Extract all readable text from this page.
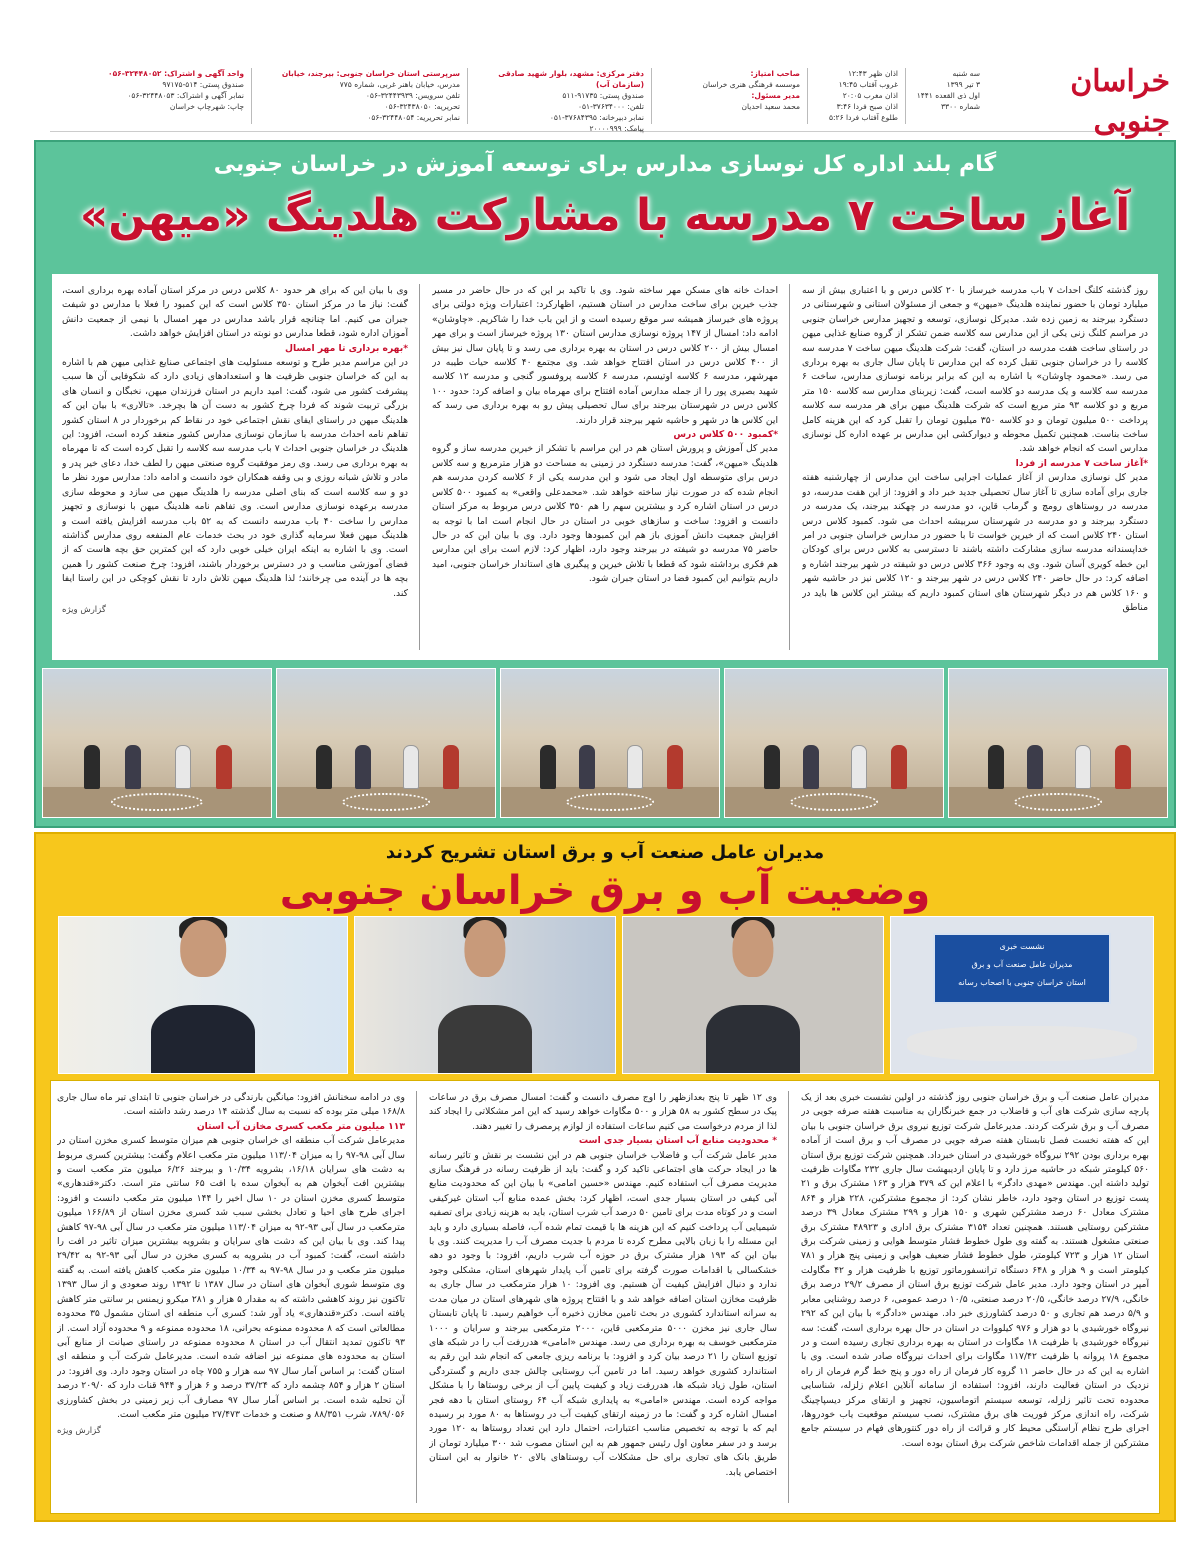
خراسان جنوبی
سه شنبه
۳ تیر ۱۳۹۹
اول ذی القعده ۱۴۴۱
شماره ۳۳۰۰
اذان ظهر ۱۲:۴۳
غروب آفتاب ۱۹:۴۵
اذان مغرب ۲۰:۰۵
اذان صبح فردا ۳:۴۶
طلوع آفتاب فردا ۵:۲۶
صاحب امتیاز:
موسسه فرهنگی هنری خراسان
مدیر مسئول:
محمد سعید احدیان
دفتر مرکزی: مشهد، بلوار شهید صادقی (سازمان آب)
صندوق پستی: ۹۱۷۳۵-۵۱۱
تلفن: ۳۷۶۳۴۰۰۰-۰۵۱
نمابر دبیرخانه: ۳۷۶۸۴۳۹۵-۰۵۱
پیامک: ۲۰۰۰۰۹۹۹
سرپرستی استان خراسان جنوبی: بیرجند، خیابان
مدرس، خیابان باهنر غربی، شماره ۷۷۵
تلفن سرویس: ۳۲۴۴۳۹۳۹-۰۵۶
تحریریه: ۳۲۴۳۸۰۵۰-۰۵۶
نمابر تحریریه: ۳۲۴۴۸۰۵۴-۰۵۶
واحد آگهی و اشتراک: ۳۲۴۴۸۰۵۲-۰۵۶
صندوق پستی: ۵۱۴-۹۷۱۷۵
نمابر آگهی و اشتراک: ۳۲۴۴۸۰۵۳-۰۵۶
چاپ: شهرچاپ خراسان
گام بلند اداره کل نوسازی مدارس برای توسعه آموزش در خراسان جنوبی
آغاز ساخت ۷ مدرسه با مشارکت هلدینگ «میهن»
روز گذشته کلنگ احداث ۷ باب مدرسه خیرساز با ۲۰ کلاس درس و با اعتباری بیش از سه میلیارد تومان با حضور نماینده هلدینگ «میهن» و جمعی از مسئولان استانی و شهرستانی در دستگرد بیرجند به زمین زده شد. مدیرکل نوسازی، توسعه و تجهیز مدارس خراسان جنوبی در مراسم کلنگ زنی یکی از این مدارس سه کلاسه ضمن تشکر از گروه صنایع غذایی میهن در راستای ساخت هفت مدرسه در استان، گفت: شرکت هلدینگ میهن ساخت ۷ مدرسه سه کلاسه را در خراسان جنوبی تقبل کرده که این مدارس تا پایان سال جاری به بهره برداری می رسد. «محمود چاوشان» با اشاره به این که برابر برنامه نوسازی مدارس، ساخت ۶ مدرسه سه کلاسه و یک مدرسه دو کلاسه است، گفت: زیربنای مدارس سه کلاسه ۱۵۰ متر مربع و دو کلاسه ۹۳ متر مربع است که شرکت هلدینگ میهن برای هر مدرسه سه کلاسه پرداخت ۵۰۰ میلیون تومان و دو کلاسه ۳۵۰ میلیون تومان را تقبل کرد که این هزینه کامل ساخت بناست. همچنین تکمیل محوطه و دیوارکشی این مدارس بر عهده اداره کل نوسازی مدارس است که انجام خواهد شد.
*آغاز ساخت ۷ مدرسه از فردا
مدیر کل نوسازی مدارس از آغاز عملیات اجرایی ساخت این مدارس از چهارشنبه هفته جاری برای آماده سازی تا آغاز سال تحصیلی جدید خبر داد و افزود: از این هفت مدرسه، دو مدرسه در روستاهای رومچ و گرماب قاین، دو مدرسه در چهکند بیرجند، یک مدرسه در دستگرد بیرجند و دو مدرسه در شهرستان سربیشه احداث می شود. کمبود کلاس درس استان ۲۴۰ کلاس است که از خیرین خواست تا با حضور در مدارس خراسان جنوبی در امر خداپسندانه مدرسه سازی مشارکت داشته باشند تا دسترسی به کلاس درس برای کودکان این خطه کویری آسان شود. وی به وجود ۳۶۶ کلاس درس دو شیفته در شهر بیرجند اشاره و اضافه کرد: در حال حاضر ۲۴۰ کلاس درس در شهر بیرجند و ۱۲۰ کلاس نیز در حاشیه شهر و ۱۶۰ کلاس هم در دیگر شهرستان های استان کمبود داریم که بیشتر این کلاس ها باید در مناطق
احداث خانه های مسکن مهر ساخته شود. وی با تاکید بر این که در حال حاضر در مسیر جذب خیرین برای ساخت مدارس در استان هستیم، اظهارکرد: اعتبارات ویژه دولتی برای پروژه های خیرساز همیشه سر موقع رسیده است و از این باب خدا را شاکریم. «چاوشان» ادامه داد: امسال از ۱۴۷ پروژه نوسازی مدارس استان ۱۳۰ پروژه خیرساز است و برای مهر امسال بیش از ۲۰۰ کلاس درس در استان به بهره برداری می رسد و تا پایان سال نیز بیش از ۴۰۰ کلاس درس در استان افتتاح خواهد شد. وی مجتمع ۴۰ کلاسه حیات طیبه در مهرشهر، مدرسه ۶ کلاسه اوتیسم، مدرسه ۶ کلاسه پروفسور گنجی و مدرسه ۱۲ کلاسه شهید بصیری پور را از جمله مدارس آماده افتتاح برای مهرماه بیان و اضافه کرد: حدود ۱۰۰ کلاس درس در شهرستان بیرجند برای سال تحصیلی پیش رو به بهره برداری می رسد که این کلاس ها در شهر و حاشیه شهر بیرجند قرار دارند.
*کمبود ۵۰۰ کلاس درس
مدیر کل آموزش و پرورش استان هم در این مراسم با تشکر از خیرین مدرسه ساز و گروه هلدینگ «میهن»، گفت: مدرسه دستگرد در زمینی به مساحت دو هزار مترمربع و سه کلاس درس برای متوسطه اول ایجاد می شود و این مدرسه یکی از ۶ کلاسه کردن مدرسه هم انجام شده که در صورت نیاز ساخته خواهد شد. «محمدعلی واقعی» به کمبود ۵۰۰ کلاس درس در استان اشاره کرد و بیشترین سهم را هم ۳۵۰ کلاس درس مربوط به مرکز استان دانست و افزود: ساخت و سازهای خوبی در استان در حال انجام است اما با توجه به افزایش جمعیت دانش آموزی باز هم این کمبودها وجود دارد. وی با بیان این که در حال حاضر ۷۵ مدرسه دو شیفته در بیرجند وجود دارد، اظهار کرد: لازم است برای این مدارس هم فکری برداشته شود که قطعا با تلاش خیرین و پیگیری های استاندار خراسان جنوبی، امید داریم بتوانیم این کمبود فضا در استان جبران شود.
وی با بیان این که برای هر حدود ۸۰ کلاس درس در مرکز استان آماده بهره برداری است، گفت: نیاز ما در مرکز استان ۳۵۰ کلاس است که این کمبود را فعلا با مدارس دو شیفت جبران می کنیم. اما چنانچه قرار باشد مدارس در مهر امسال با نیمی از جمعیت دانش آموزان اداره شود، قطعا مدارس دو نوبته در استان افزایش خواهد داشت.
*بهره برداری تا مهر امسال
در این مراسم مدیر طرح و توسعه مسئولیت های اجتماعی صنایع غذایی میهن هم با اشاره به این که خراسان جنوبی ظرفیت ها و استعدادهای زیادی دارد که شکوفایی آن ها سبب پیشرفت کشور می شود، گفت: امید داریم در استان فرزندان میهن، نخبگان و انسان های بزرگی تربیت شوند که فردا چرخ کشور به دست آن ها بچرخد. «تالاری» با بیان این که هلدینگ میهن در راستای ایفای نقش اجتماعی خود در نقاط کم برخوردار در ۸ استان کشور تفاهم نامه احداث مدرسه با سازمان نوسازی مدارس کشور منعقد کرده است، افزود: این هلدینگ در خراسان جنوبی احداث ۷ باب مدرسه سه کلاسه را تقبل کرده است که تا مهرماه به بهره برداری می رسد. وی رمز موفقیت گروه صنعتی میهن را لطف خدا، دعای خیر پدر و مادر و تلاش شبانه روزی و بی وقفه همکاران خود دانست و ادامه داد: مدارس مورد نظر ما دو و سه کلاسه است که بنای اصلی مدرسه را هلدینگ میهن می سازد و محوطه سازی مدرسه برعهده نوسازی مدارس است. وی تفاهم نامه هلدینگ میهن با نوسازی و تجهیز مدارس را ساخت ۴۰ باب مدرسه دانست که به ۵۲ باب مدرسه افزایش یافته است و هلدینگ میهن فعلا سرمایه گذاری خود در بحث خدمات عام المنفعه روی مدارس گذاشته است. وی با اشاره به اینکه ایران خیلی خوبی دارد که این کمترین حق بچه هاست که از فضای آموزشی مناسب و در دسترس برخوردار باشند، افزود: چرخ صنعت کشور را همین بچه ها در آینده می چرخانند؛ لذا هلدینگ میهن تلاش دارد تا نقش کوچکی در این راستا ایفا کند.
گزارش ویژه
مدیران عامل صنعت آب و برق استان تشریح کردند
وضعیت آب و برق خراسان جنوبی
نشست خبری
مدیران عامل صنعت آب و برق
استان خراسان جنوبی با اصحاب رسانه
مدیران عامل صنعت آب و برق خراسان جنوبی روز گذشته در اولین نشست خبری بعد از یک پارچه سازی شرکت های آب و فاضلاب در جمع خبرنگاران به مناسبت هفته صرفه جویی در مصرف آب و برق شرکت کردند. مدیرعامل شرکت توزیع نیروی برق خراسان جنوبی با بیان این که هفته نخست فصل تابستان هفته صرفه جویی در مصرف آب و برق است از آماده بهره برداری بودن ۲۹۲ نیروگاه خورشیدی در استان خبرداد. همچنین شرکت توزیع برق استان ۵۶۰ کیلومتر شبکه در حاشیه مرز دارد و تا پایان اردیبهشت سال جاری ۲۳۲ مگاوات ظرفیت تولید داشته این. مهندس «مهدی دادگر» با اعلام این که ۳۷۹ هزار و ۱۶۳ مشترک برق و ۲۱ پست توزیع در استان وجود دارد، خاطر نشان کرد: از مجموع مشترکین، ۲۲۸ هزار و ۸۶۴ مشترک معادل ۶۰ درصد مشترکین شهری و ۱۵۰ هزار و ۲۹۹ مشترک معادل ۳۹ درصد مشترکین روستایی هستند. همچنین تعداد ۳۱۵۴ مشترک برق اداری و ۴۸۹۲۳ مشترک برق صنعتی مشغول هستند. به گفته وی طول خطوط فشار متوسط هوایی و زمینی شرکت برق استان ۱۲ هزار و ۷۲۳ کیلومتر، طول خطوط فشار ضعیف هوایی و زمینی پنج هزار و ۷۸۱ کیلومتر است و ۹ هزار و ۶۴۸ دستگاه ترانسفورماتور توزیع با ظرفیت هزار و ۴۲ مگاولت آمپر در استان وجود دارد. مدیر عامل شرکت توزیع برق استان از مصرف ۲۹/۲ درصد برق خانگی، ۲۷/۹ درصد خانگی، ۲۰/۵ درصد صنعتی، ۱۰/۵ درصد عمومی، ۶ درصد روشنایی معابر و ۵/۹ درصد هم تجاری و ۵۰ درصد کشاورزی خبر داد. مهندس «دادگر» با بیان این که ۲۹۲ نیروگاه خورشیدی با دو هزار و ۹۷۶ کیلووات در استان در حال بهره برداری است، گفت: سه نیروگاه خورشیدی با ظرفیت ۱۸ مگاوات در استان به بهره برداری تجاری رسیده است و در مجموع ۱۸ پروانه با ظرفیت ۱۱۷/۴۲ مگاوات برای احداث نیروگاه صادر شده است. وی با اشاره به این که در حال حاضر ۱۱ گروه کار فرمان از راه دور و پنج خط گرم فرمان از راه نزدیک در استان فعالیت دارند، افزود: استفاده از سامانه آنلاین اعلام زلزله، شناسایی محدوده تحت تاثیر زلزله، توسعه سیستم اتوماسیون، تجهیز و ارتقای مرکز دیسپاچینگ شرکت، راه اندازی مرکز فوریت های برق مشترک، نصب سیستم موقعیت یاب خودروها، اجرای طرح نظام آراستگی محیط کار و قرائت از راه دور کنتورهای فهام در سیستم جامع مشترکین از جمله اقدامات شاخص شرکت برق استان بوده است.
وی ۱۲ ظهر تا پنج بعدازظهر را اوج مصرف دانست و گفت: امسال مصرف برق در ساعات پیک در سطح کشور به ۵۸ هزار و ۵۰۰ مگاوات خواهد رسید که این امر مشکلاتی را ایجاد کند لذا از مردم درخواست می کنیم ساعات استفاده از لوازم پرمصرف را تغییر دهند.
* محدودیت منابع آب استان بسیار جدی است
مدیر عامل شرکت آب و فاضلاب خراسان جنوبی هم در این نشست بر نقش و تاثیر رسانه ها در ایجاد حرکت های اجتماعی تاکید کرد و گفت: باید از ظرفیت رسانه در فرهنگ سازی مدیریت مصرف آب استفاده کنیم. مهندس «حسین امامی» با بیان این که محدودیت منابع آبی کیفی در استان بسیار جدی است، اظهار کرد: بخش عمده منابع آب استان غیرکیفی است و در کوتاه مدت برای تامین ۵۰ درصد آب شرب استان، باید به هزینه زیادی برای تصفیه شیمیایی آب پرداخت کنیم که این هزینه ها با قیمت تمام شده آب، فاصله بسیاری دارد و باید این مسئله را با زبان بالایی مطرح کرده تا مردم با جدیت مصرف آب را مدیریت کنند. وی با بیان این که ۱۹۳ هزار مشترک برق در حوزه آب شرب داریم، افزود: با وجود دو دهه خشکسالی با اقدامات صورت گرفته برای تامین آب پایدار شهرهای استان، مشکلی وجود ندارد و دنبال افزایش کیفیت آن هستیم. وی افزود: ۱۰ هزار مترمکعب در سال جاری به ظرفیت مخازن استان اضافه خواهد شد و با افتتاح پروژه های شهرهای استان در میان مدت به سرانه استاندارد کشوری در بحث تامین مخازن ذخیره آب خواهیم رسید. تا پایان تابستان سال جاری نیز مخزن ۵۰۰۰ مترمکعبی قاین، ۲۰۰۰ مترمکعبی بیرجند و سرایان و ۱۰۰۰ مترمکعبی خوسف به بهره برداری می رسد. مهندس «امامی» هدررفت آب را در شبکه های توزیع استان را ۲۱ درصد بیان کرد و افزود: با برنامه ریزی جامعی که انجام شد این رقم به استاندارد کشوری خواهد رسید. اما در تامین آب روستایی چالش جدی داریم و گستردگی استان، طول زیاد شبکه ها، هدررفت زیاد و کیفیت پایین آب از برخی روستاها را با مشکل مواجه کرده است. مهندس «امامی» به پایداری شبکه آب ۶۴ روستای استان با دهه فجر امسال اشاره کرد و گفت: ما در زمینه ارتقای کیفیت آب در روستاها به ۸۰ مورد بر رسیده ایم که با توجه به تخصیص مناسب اعتبارات، احتمال دارد این تعداد روستاها به ۱۲۰ مورد برسد و در سفر معاون اول رئیس جمهور هم به این استان مصوب شد ۳۰۰ میلیارد تومان از طریق بانک های تجاری برای حل مشکلات آب روستاهای بالای ۲۰ خانوار به این استان اختصاص یابد.
وی در ادامه سخنانش افزود: میانگین بارندگی در خراسان جنوبی تا ابتدای تیر ماه سال جاری ۱۶۸/۸ میلی متر بوده که نسبت به سال گذشته ۱۴ درصد رشد داشته است.
۱۱۳ میلیون متر مکعب کسری مخازن آب استان
مدیرعامل شرکت آب منطقه ای خراسان جنوبی هم میزان متوسط کسری مخزن استان در سال آبی ۹۸-۹۷ را به میزان ۱۱۳/۰۴ میلیون متر مکعب اعلام وگفت: بیشترین کسری مربوط به دشت های سرایان ۱۶/۱۸، بشرویه ۱۰/۳۴ و بیرجند ۶/۲۶ میلیون متر مکعب است و بیشترین افت آبخوان هم به آبخوان سده با افت ۶۵ سانتی متر است. دکتر«قندهاری» متوسط کسری مخزن استان در ۱۰ سال اخیر را ۱۴۴ میلیون متر مکعب دانست و افزود: اجرای طرح های احیا و تعادل بخشی سبب شد کسری مخزن استان از ۱۶۶/۸۹ میلیون مترمکعب در سال آبی ۹۳-۹۲ به میزان ۱۱۳/۰۴ میلیون متر مکعب در سال آبی ۹۸-۹۷ کاهش پیدا کند. وی با بیان این که دشت های سرایان و بشرویه بیشترین میزان تاثیر در افت را داشته است، گفت: کمبود آب در بشرویه به کسری مخزن در سال آبی ۹۳-۹۲ به ۲۹/۴۲ میلیون متر مکعب و در سال ۹۸-۹۷ به ۱۰/۳۴ میلیون متر مکعب کاهش یافته است. به گفته وی متوسط شوری آبخوان های استان در سال ۱۳۸۷ تا ۱۳۹۲ روند صعودی و از سال ۱۳۹۳ تاکنون نیز روند کاهشی داشته که به مقدار ۵ هزار و ۲۸۱ میکرو زیمنس بر سانتی متر کاهش یافته است. دکتر«قندهاری» یاد آور شد: کسری آب منطقه ای استان مشمول ۳۵ محدوده مطالعاتی است که ۸ محدوده ممنوعه بحرانی، ۱۸ محدوده ممنوعه و ۹ محدوده آزاد است. از ۹۳ تاکنون تمدید انتقال آب در استان ۸ محدوده ممنوعه در راستای صیانت از منابع آبی استان به محدوده های ممنوعه نیز اضافه شده است. مدیرعامل شرکت آب و منطقه ای استان گفت: بر اساس آمار سال ۹۷ سه هزار و ۷۵۵ چاه در استان وجود دارد. وی افزود: در استان ۲ هزار و ۸۵۴ چشمه دارد که ۳۷/۲۴ درصد و ۶ هزار و ۹۴۴ قنات دارد که ۲۰۹/۰ درصد آن تحلیه شده است. بر اساس آمار سال ۹۷ مصارف آب زیر زمینی در بخش کشاورزی ۷۸۹/۰۵۶، شرب ۸۸/۳۵۱ و صنعت و خدمات ۲۷/۴۷۳ میلیون متر مکعب است.
گزارش ویژه
